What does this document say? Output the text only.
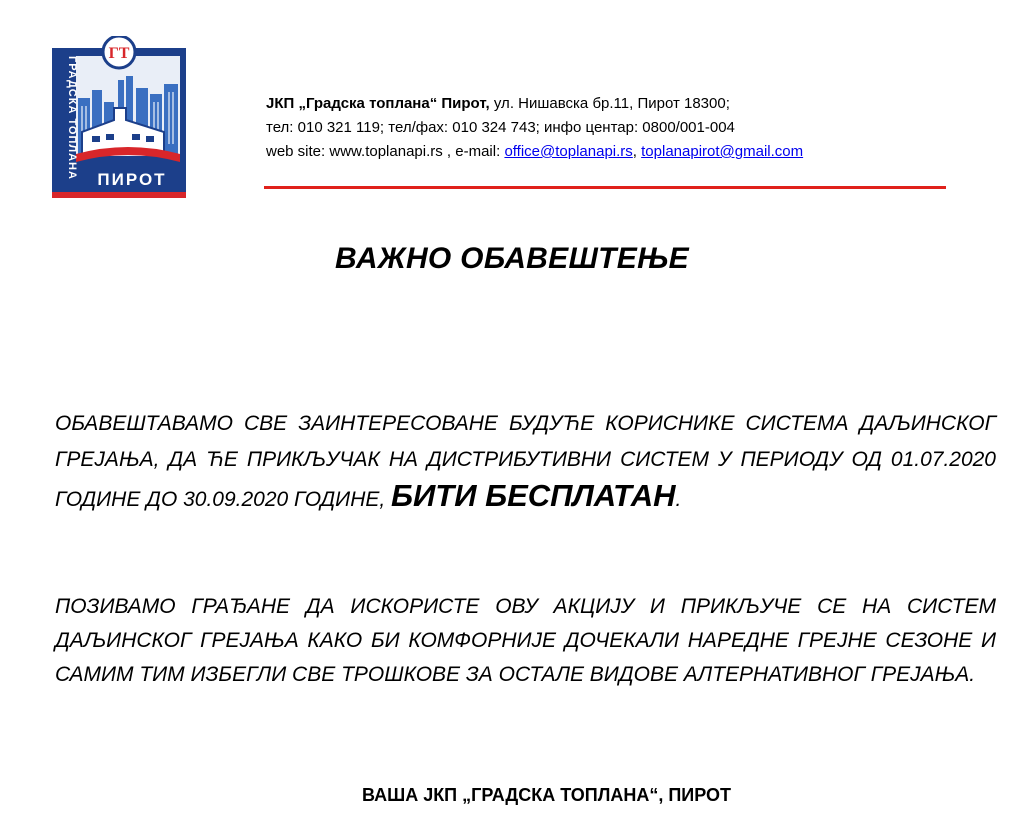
ПИРОТ
ГРАДСКА ТОПЛАНА
ГТ
ЈКП „Градска топлана“ Пирот, ул. Нишавска бр.11, Пирот 18300;
тел: 010 321 119; тел/фах: 010 324 743; инфо центар: 0800/001-004
web site: www.toplanapi.rs , e-mail: office@toplanapi.rs, toplanapirot@gmail.com
ВАЖНО ОБАВЕШТЕЊЕ
ОБАВЕШТАВАМО СВЕ ЗАИНТЕРЕСОВАНЕ БУДУЋЕ КОРИСНИКЕ СИСТЕМА ДАЉИНСКОГ ГРЕЈАЊА, ДА ЋЕ ПРИКЉУЧАК НА ДИСТРИБУТИВНИ СИСТЕМ У ПЕРИОДУ ОД 01.07.2020 ГОДИНЕ ДО 30.09.2020 ГОДИНЕ, БИТИ БЕСПЛАТАН.
ПОЗИВАМО ГРАЂАНЕ ДА ИСКОРИСТЕ ОВУ АКЦИЈУ И ПРИКЉУЧЕ СЕ НА СИСТЕМ ДАЉИНСКОГ ГРЕЈАЊА КАКО БИ КОМФОРНИЈЕ ДОЧЕКАЛИ НАРЕДНЕ ГРЕЈНЕ СЕЗОНЕ И САМИМ ТИМ ИЗБЕГЛИ СВЕ ТРОШКОВЕ ЗА ОСТАЛЕ ВИДОВЕ АЛТЕРНАТИВНОГ ГРЕЈАЊА.
ВАША ЈКП „ГРАДСКА ТОПЛАНА“, ПИРОТ
